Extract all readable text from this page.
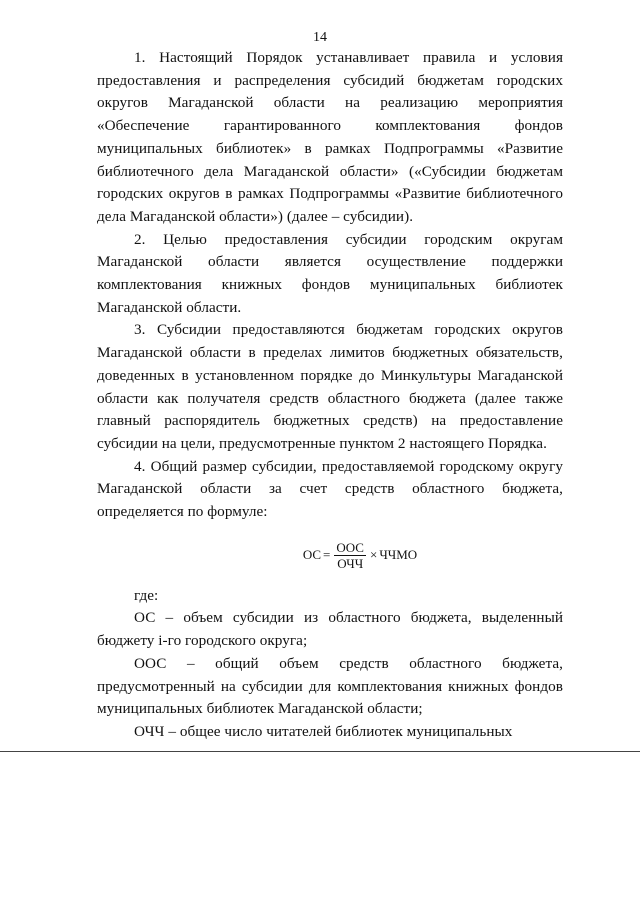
14

1. Настоящий Порядок устанавливает правила и условия предоставления и распределения субсидий бюджетам городских округов Магаданской области на реализацию мероприятия «Обеспечение гарантированного комплектования фондов муниципальных библиотек» в рамках Подпрограммы «Развитие библиотечного дела Магаданской области» («Субсидии бюджетам городских округов в рамках Подпрограммы «Развитие библиотечного дела Магаданской области») (далее – субсидии).

2. Целью предоставления субсидии городским округам Магаданской области является осуществление поддержки комплектования книжных фондов муниципальных библиотек Магаданской области.

3. Субсидии предоставляются бюджетам городских округов Магаданской области в пределах лимитов бюджетных обязательств, доведенных в установленном порядке до Минкультуры Магаданской области как получателя средств областного бюджета (далее также главный распорядитель бюджетных средств) на предоставление субсидии на цели, предусмотренные пунктом 2 настоящего Порядка.

4. Общий размер субсидии, предоставляемой городскому округу Магаданской области за счет средств областного бюджета, определяется по формуле:

ОС = $\frac{\text{ООС}}{\text{ОЧЧ}}$ × ЧЧМО

где:

ОС – объем субсидии из областного бюджета, выделенный бюджету i-го городского округа;

ООС – общий объем средств областного бюджета, предусмотренный на субсидии для комплектования книжных фондов муниципальных библиотек Магаданской области;

ОЧЧ – общее число читателей библиотек муниципальных
